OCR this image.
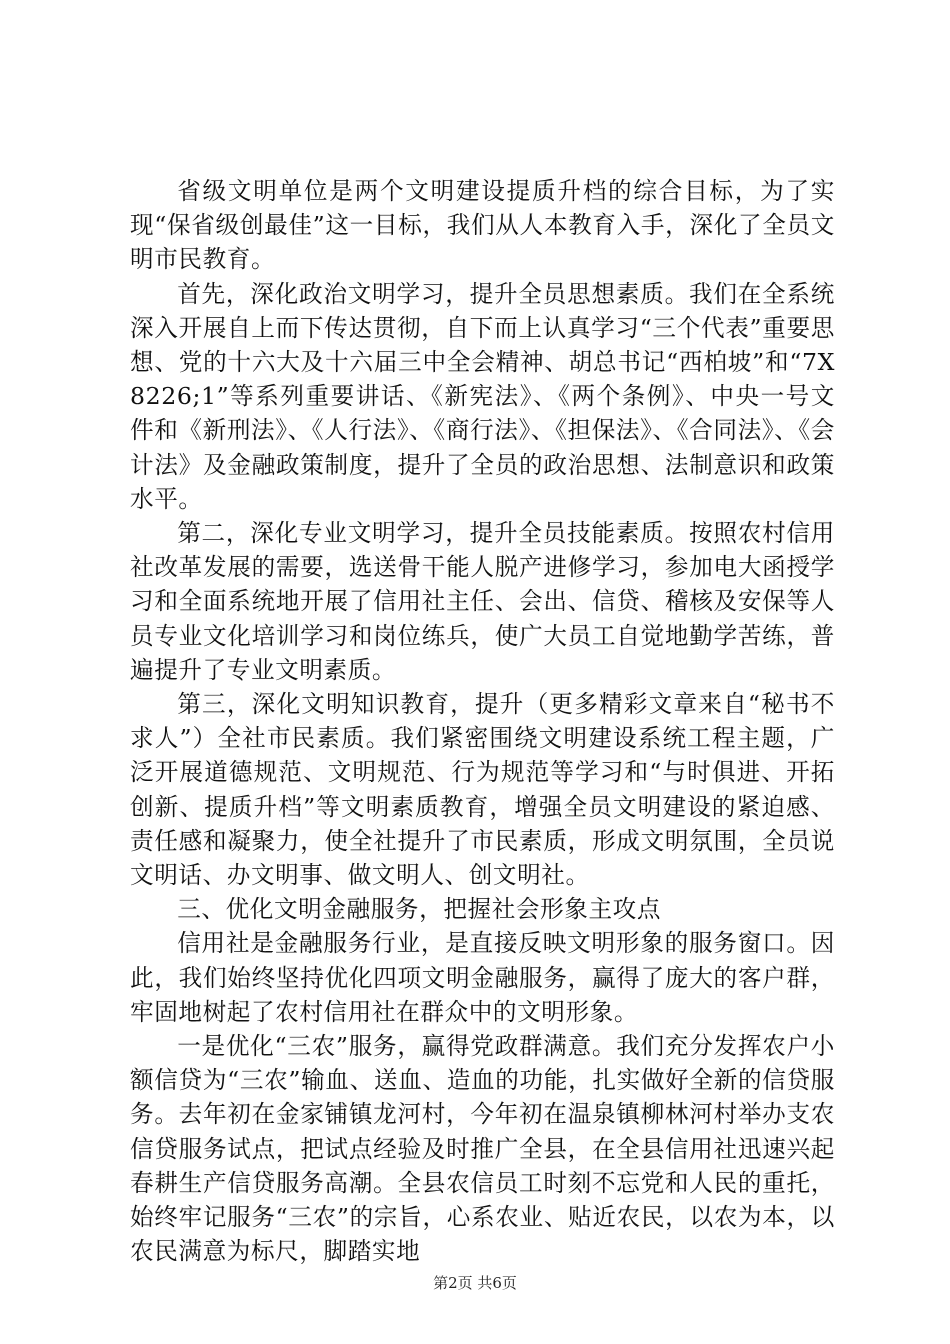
省级文明单位是两个文明建设提质升档的综合目标，为了实现“保省级创最佳”这一目标，我们从人本教育入手，深化了全员文明市民教育。

首先，深化政治文明学习，提升全员思想素质。我们在全系统深入开展自上而下传达贯彻，自下而上认真学习“三个代表”重要思想、党的十六大及十六届三中全会精神、胡总书记“西柏坡”和“7X8226;1”等系列重要讲话、《新宪法》、《两个条例》、中央一号文件和《新刑法》、《人行法》、《商行法》、《担保法》、《合同法》、《会计法》及金融政策制度，提升了全员的政治思想、法制意识和政策水平。

第二，深化专业文明学习，提升全员技能素质。按照农村信用社改革发展的需要，选送骨干能人脱产进修学习，参加电大函授学习和全面系统地开展了信用社主任、会出、信贷、稽核及安保等人员专业文化培训学习和岗位练兵，使广大员工自觉地勤学苦练，普遍提升了专业文明素质。

第三，深化文明知识教育，提升（更多精彩文章来自“秘书不求人”）全社市民素质。我们紧密围绕文明建设系统工程主题，广泛开展道德规范、文明规范、行为规范等学习和“与时俱进、开拓创新、提质升档”等文明素质教育，增强全员文明建设的紧迫感、责任感和凝聚力，使全社提升了市民素质，形成文明氛围，全员说文明话、办文明事、做文明人、创文明社。

三、优化文明金融服务，把握社会形象主攻点

信用社是金融服务行业，是直接反映文明形象的服务窗口。因此，我们始终坚持优化四项文明金融服务，赢得了庞大的客户群，牢固地树起了农村信用社在群众中的文明形象。

一是优化“三农”服务，赢得党政群满意。我们充分发挥农户小额信贷为“三农”输血、送血、造血的功能，扎实做好全新的信贷服务。去年初在金家铺镇龙河村，今年初在温泉镇柳林河村举办支农信贷服务试点，把试点经验及时推广全县，在全县信用社迅速兴起春耕生产信贷服务高潮。全县农信员工时刻不忘党和人民的重托，始终牢记服务“三农”的宗旨，心系农业、贴近农民，以农为本，以农民满意为标尺，脚踏实地

第2页 共6页
